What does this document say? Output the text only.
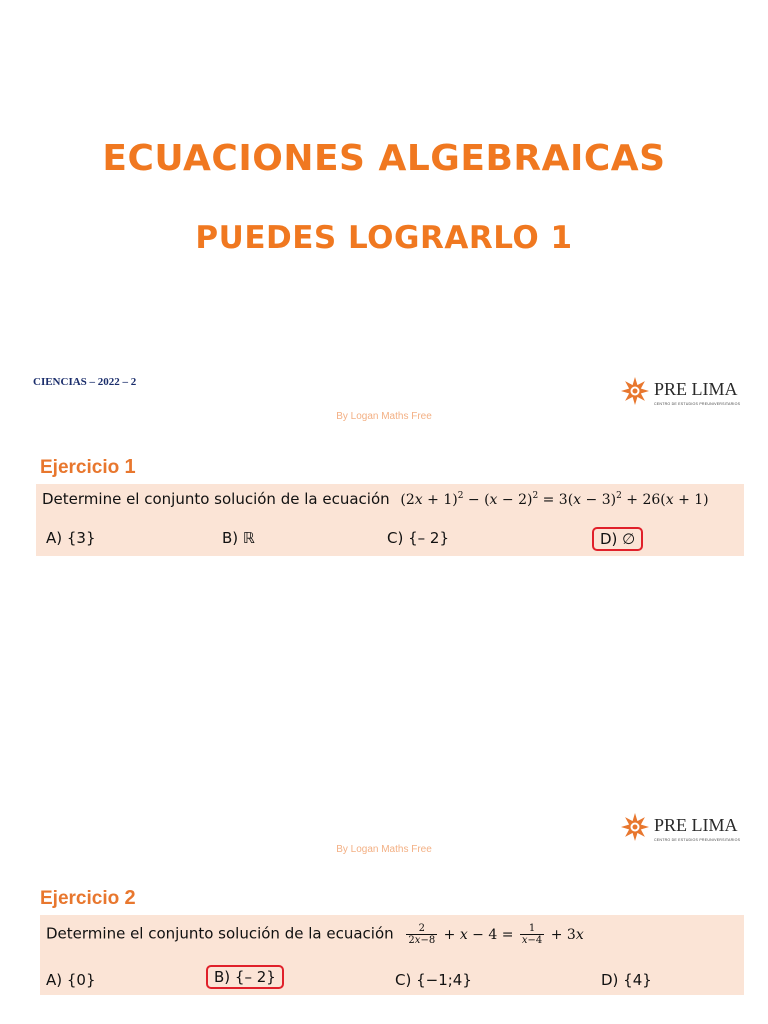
ECUACIONES ALGEBRAICAS
PUEDES LOGRARLO 1
CIENCIAS – 2022 – 2	PRE LIMA
CENTRO DE ESTUDIOS PREUNIVERSITARIOS
By Logan Maths Free
Ejercicio 1
Determine el conjunto solución de la ecuación $(2x + 1)^2 - (x - 2)^2 = 3(x - 3)^2 + 26(x + 1)$
A) {3}	B) ℝ	C) {– 2}	D) ∅
PRE LIMA
CENTRO DE ESTUDIOS PREUNIVERSITARIOS
By Logan Maths Free
Ejercicio 2
Determine el conjunto solución de la ecuación $\frac{2}{2x-8} + x - 4 = \frac{1}{x-4} + 3x$
A) {0}	B) {– 2}	C) {−1;4}	D) {4}
